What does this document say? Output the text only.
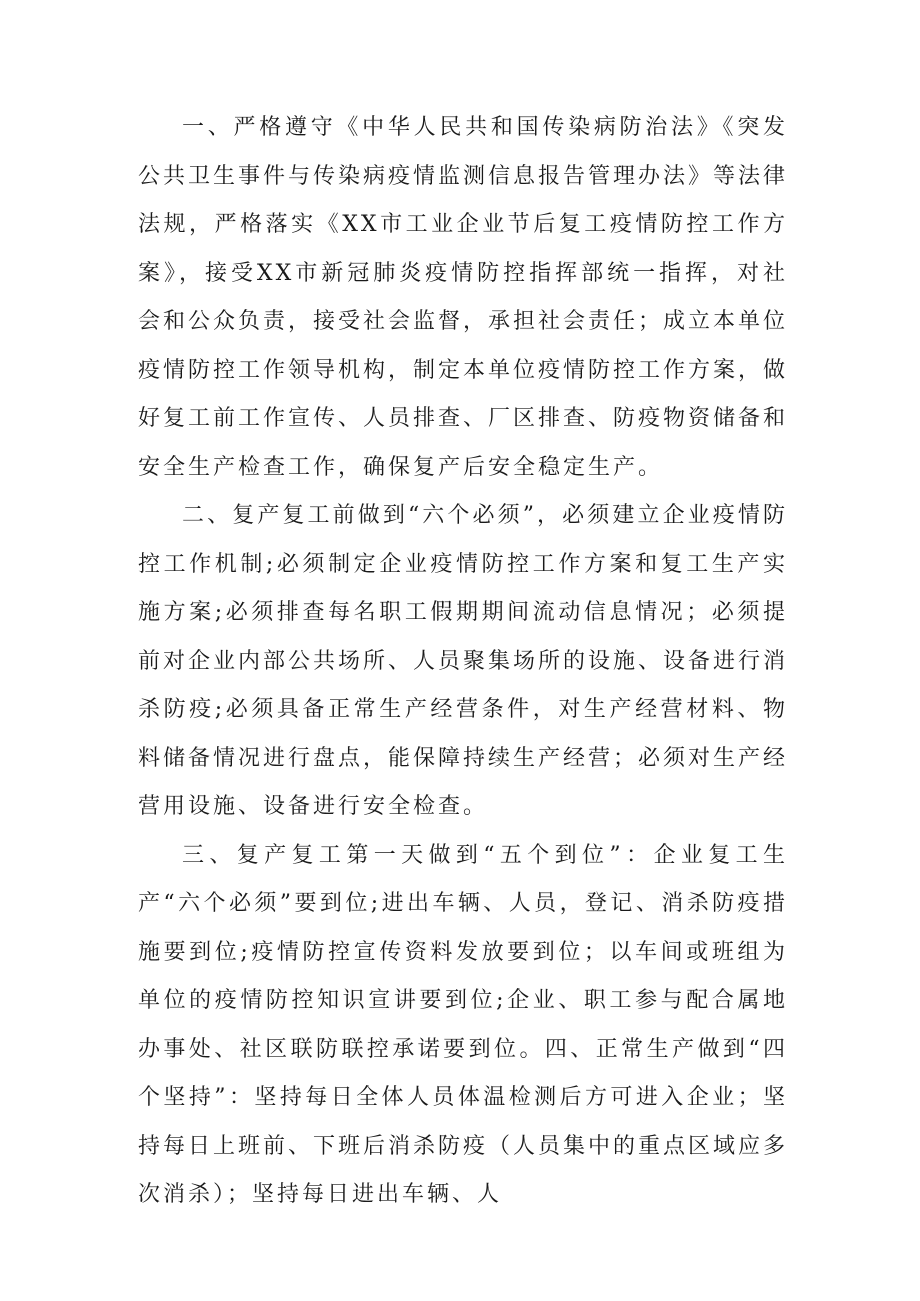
一、严格遵守《中华人民共和国传染病防治法》《突发公共卫生事件与传染病疫情监测信息报告管理办法》等法律法规，严格落实《XX市工业企业节后复工疫情防控工作方案》，接受XX市新冠肺炎疫情防控指挥部统一指挥，对社会和公众负责，接受社会监督，承担社会责任；成立本单位疫情防控工作领导机构，制定本单位疫情防控工作方案，做好复工前工作宣传、人员排查、厂区排查、防疫物资储备和安全生产检查工作，确保复产后安全稳定生产。

二、复产复工前做到“六个必须”，必须建立企业疫情防控工作机制;必须制定企业疫情防控工作方案和复工生产实施方案;必须排查每名职工假期期间流动信息情况；必须提前对企业内部公共场所、人员聚集场所的设施、设备进行消杀防疫;必须具备正常生产经营条件，对生产经营材料、物料储备情况进行盘点，能保障持续生产经营；必须对生产经营用设施、设备进行安全检查。

三、复产复工第一天做到“五个到位”：企业复工生产“六个必须”要到位;进出车辆、人员，登记、消杀防疫措施要到位;疫情防控宣传资料发放要到位；以车间或班组为单位的疫情防控知识宣讲要到位;企业、职工参与配合属地办事处、社区联防联控承诺要到位。四、正常生产做到“四个坚持”：坚持每日全体人员体温检测后方可进入企业；坚持每日上班前、下班后消杀防疫（人员集中的重点区域应多次消杀）；坚持每日进出车辆、人
